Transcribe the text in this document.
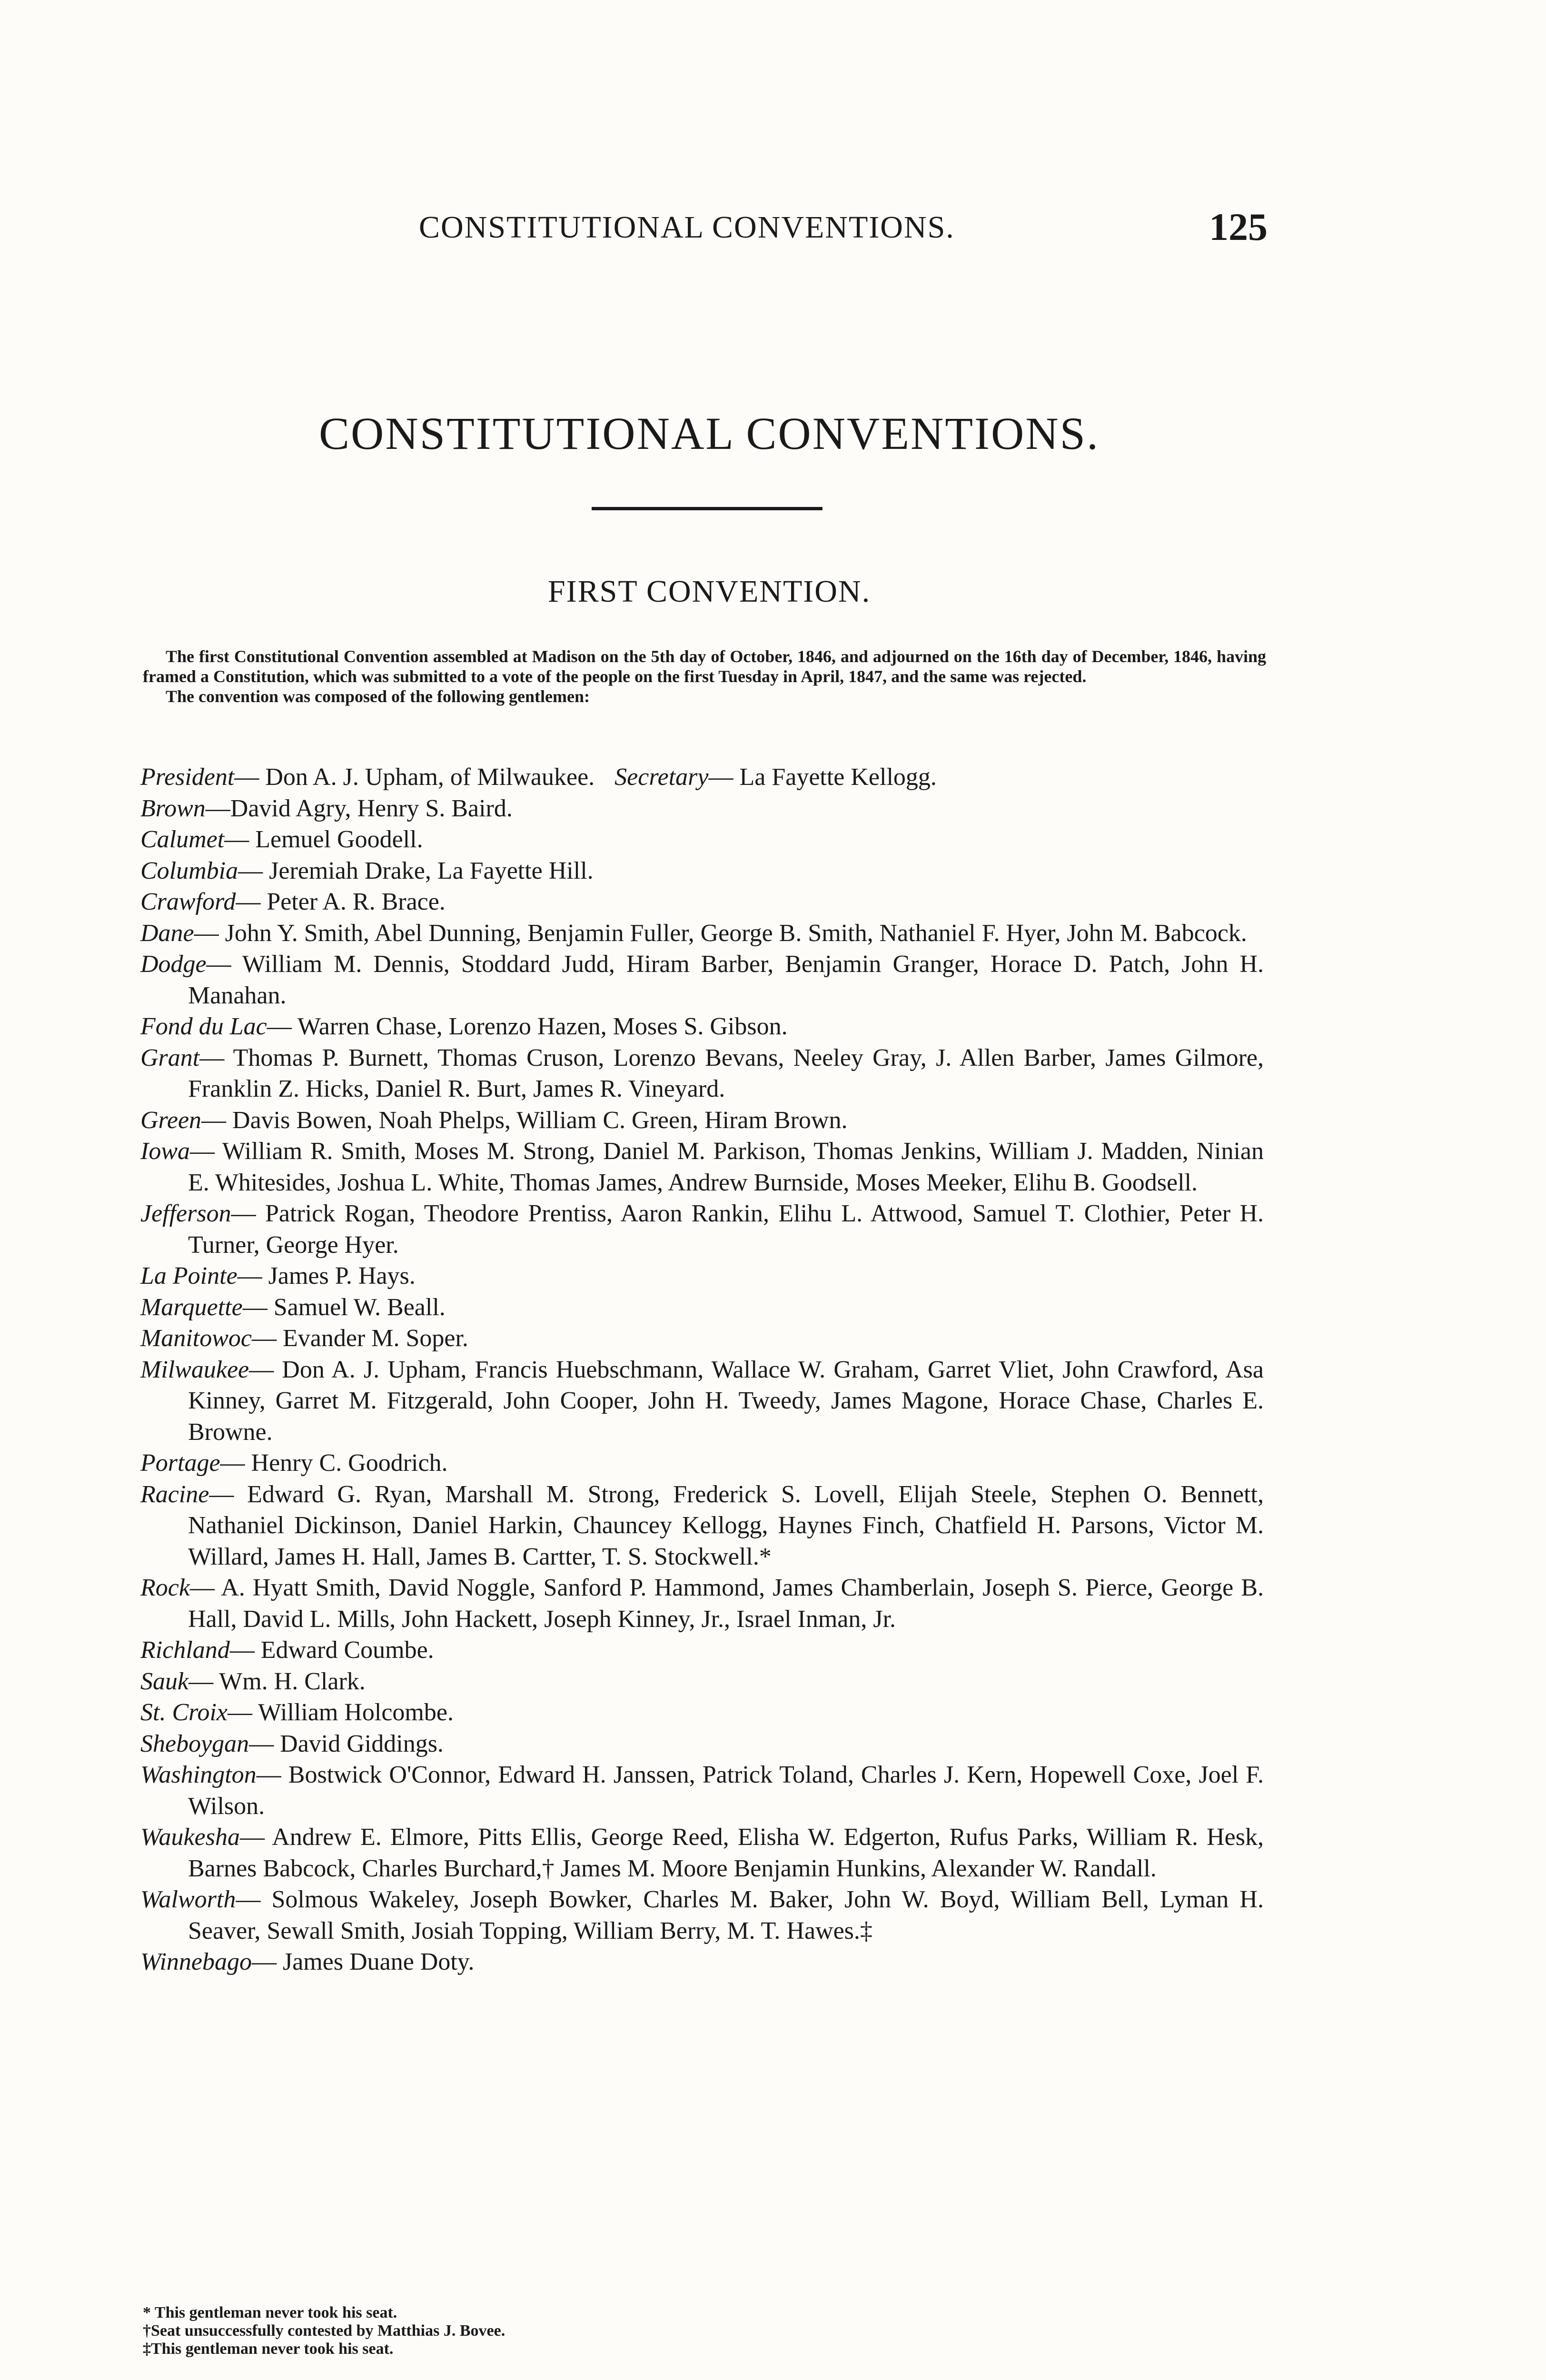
CONSTITUTIONAL CONVENTIONS.	125
CONSTITUTIONAL CONVENTIONS.
FIRST CONVENTION.

The first Constitutional Convention assembled at Madison on the 5th day of October, 1846, and adjourned on the 16th day of December, 1846, having framed a Constitution, which was submitted to a vote of the people on the first Tuesday in April, 1847, and the same was rejected.

The convention was composed of the following gentlemen:

President— Don A. J. Upham, of Milwaukee. Secretary— La Fayette Kellogg.
Brown—David Agry, Henry S. Baird.
Calumet— Lemuel Goodell.
Columbia— Jeremiah Drake, La Fayette Hill.
Crawford— Peter A. R. Brace.
Dane— John Y. Smith, Abel Dunning, Benjamin Fuller, George B. Smith, Nathaniel F. Hyer, John M. Babcock.
Dodge— William M. Dennis, Stoddard Judd, Hiram Barber, Benjamin Granger, Horace D. Patch, John H. Manahan.
Fond du Lac— Warren Chase, Lorenzo Hazen, Moses S. Gibson.
Grant— Thomas P. Burnett, Thomas Cruson, Lorenzo Bevans, Neeley Gray, J. Allen Barber, James Gilmore, Franklin Z. Hicks, Daniel R. Burt, James R. Vineyard.
Green— Davis Bowen, Noah Phelps, William C. Green, Hiram Brown.
Iowa— William R. Smith, Moses M. Strong, Daniel M. Parkison, Thomas Jenkins, William J. Madden, Ninian E. Whitesides, Joshua L. White, Thomas James, Andrew Burnside, Moses Meeker, Elihu B. Goodsell.
Jefferson— Patrick Rogan, Theodore Prentiss, Aaron Rankin, Elihu L. Attwood, Samuel T. Clothier, Peter H. Turner, George Hyer.
La Pointe— James P. Hays.
Marquette— Samuel W. Beall.
Manitowoc— Evander M. Soper.
Milwaukee— Don A. J. Upham, Francis Huebschmann, Wallace W. Graham, Garret Vliet, John Crawford, Asa Kinney, Garret M. Fitzgerald, John Cooper, John H. Tweedy, James Magone, Horace Chase, Charles E. Browne.
Portage— Henry C. Goodrich.
Racine— Edward G. Ryan, Marshall M. Strong, Frederick S. Lovell, Elijah Steele, Stephen O. Bennett, Nathaniel Dickinson, Daniel Harkin, Chauncey Kellogg, Haynes Finch, Chatfield H. Parsons, Victor M. Willard, James H. Hall, James B. Cartter, T. S. Stockwell.*
Rock— A. Hyatt Smith, David Noggle, Sanford P. Hammond, James Chamberlain, Joseph S. Pierce, George B. Hall, David L. Mills, John Hackett, Joseph Kinney, Jr., Israel Inman, Jr.
Richland— Edward Coumbe.
Sauk— Wm. H. Clark.
St. Croix— William Holcombe.
Sheboygan— David Giddings.
Washington— Bostwick O'Connor, Edward H. Janssen, Patrick Toland, Charles J. Kern, Hopewell Coxe, Joel F. Wilson.
Waukesha— Andrew E. Elmore, Pitts Ellis, George Reed, Elisha W. Edgerton, Rufus Parks, William R. Hesk, Barnes Babcock, Charles Burchard,† James M. Moore Benjamin Hunkins, Alexander W. Randall.
Walworth— Solmous Wakeley, Joseph Bowker, Charles M. Baker, John W. Boyd, William Bell, Lyman H. Seaver, Sewall Smith, Josiah Topping, William Berry, M. T. Hawes.‡
Winnebago— James Duane Doty.
* This gentleman never took his seat.
†Seat unsuccessfully contested by Matthias J. Bovee.
‡This gentleman never took his seat.
